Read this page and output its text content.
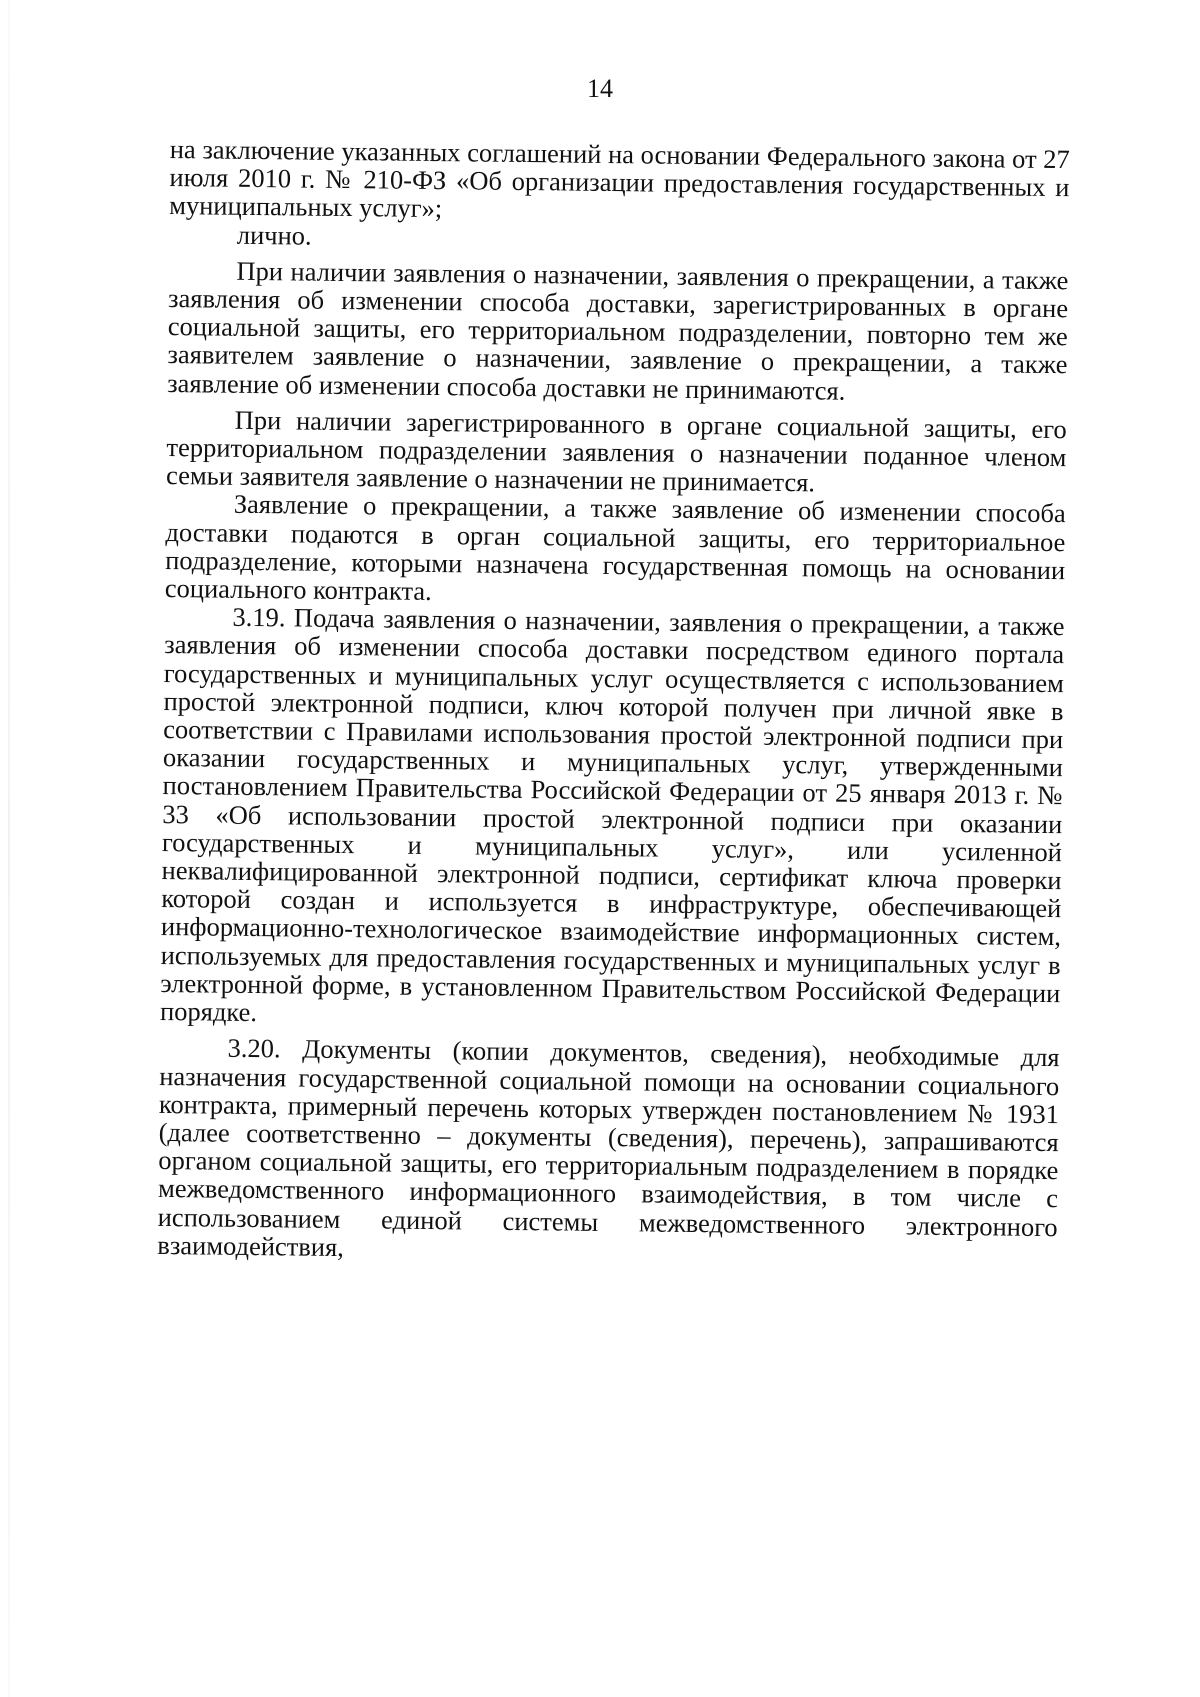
14

на заключение указанных соглашений на основании Федерального закона от 27 июля 2010 г. № 210-ФЗ «Об организации предоставления государственных и муниципальных услуг»;

лично.

При наличии заявления о назначении, заявления о прекращении, а также заявления об изменении способа доставки, зарегистрированных в органе социальной защиты, его территориальном подразделении, повторно тем же заявителем заявление о назначении, заявление о прекращении, а также заявление об изменении способа доставки не принимаются.

При наличии зарегистрированного в органе социальной защиты, его территориальном подразделении заявления о назначении поданное членом семьи заявителя заявление о назначении не принимается.

Заявление о прекращении, а также заявление об изменении способа доставки подаются в орган социальной защиты, его территориальное подразделение, которыми назначена государственная помощь на основании социального контракта.

3.19. Подача заявления о назначении, заявления о прекращении, а также заявления об изменении способа доставки посредством единого портала государственных и муниципальных услуг осуществляется с использованием простой электронной подписи, ключ которой получен при личной явке в соответствии с Правилами использования простой электронной подписи при оказании государственных и муниципальных услуг, утвержденными постановлением Правительства Российской Федерации от 25 января 2013 г. № 33 «Об использовании простой электронной подписи при оказании государственных и муниципальных услуг», или усиленной неквалифицированной электронной подписи, сертификат ключа проверки которой создан и используется в инфраструктуре, обеспечивающей информационно-технологическое взаимодействие информационных систем, используемых для предоставления государственных и муниципальных услуг в электронной форме, в установленном Правительством Российской Федерации порядке.

3.20. Документы (копии документов, сведения), необходимые для назначения государственной социальной помощи на основании социального контракта, примерный перечень которых утвержден постановлением № 1931 (далее соответственно – документы (сведения), перечень), запрашиваются органом социальной защиты, его территориальным подразделением в порядке межведомственного информационного взаимодействия, в том числе с использованием единой системы межведомственного электронного взаимодействия,
